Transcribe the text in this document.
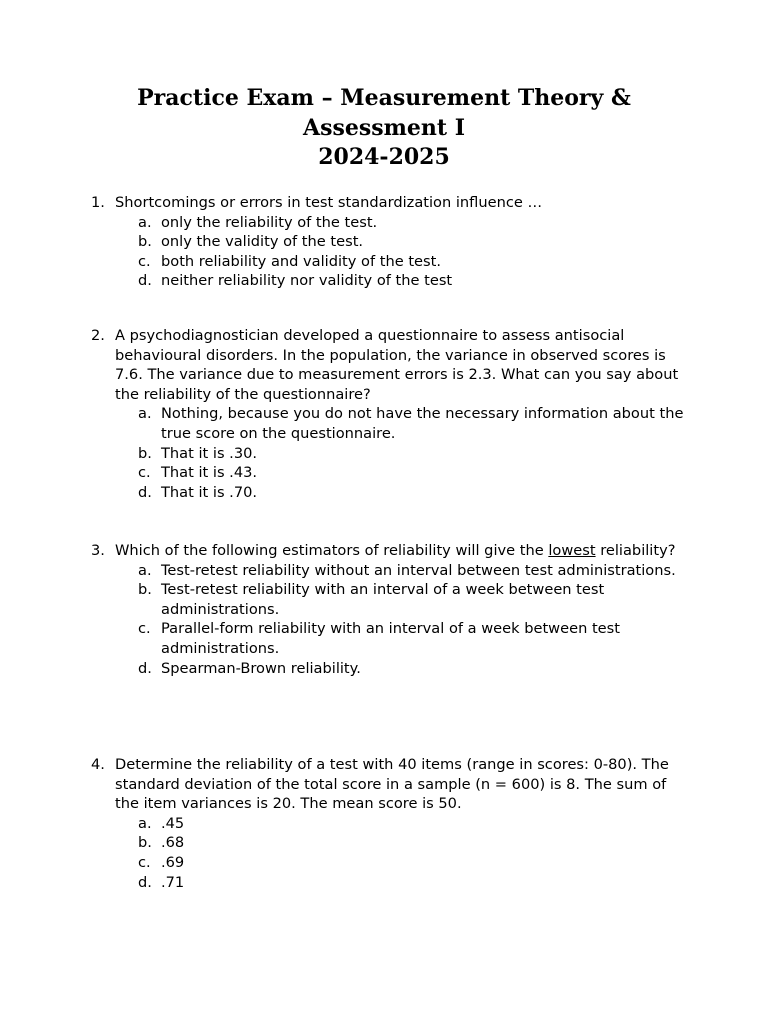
Practice Exam – Measurement Theory &
Assessment I
2024-2025
1. Shortcomings or errors in test standardization influence …
a. only the reliability of the test.
b. only the validity of the test.
c. both reliability and validity of the test.
d. neither reliability nor validity of the test
2. A psychodiagnostician developed a questionnaire to assess antisocial behavioural disorders. In the population, the variance in observed scores is 7.6. The variance due to measurement errors is 2.3. What can you say about the reliability of the questionnaire?
a. Nothing, because you do not have the necessary information about the true score on the questionnaire.
b. That it is .30.
c. That it is .43.
d. That it is .70.
3. Which of the following estimators of reliability will give the lowest reliability?
a. Test-retest reliability without an interval between test administrations.
b. Test-retest reliability with an interval of a week between test administrations.
c. Parallel-form reliability with an interval of a week between test administrations.
d. Spearman-Brown reliability.
4. Determine the reliability of a test with 40 items (range in scores: 0-80). The standard deviation of the total score in a sample (n = 600) is 8. The sum of the item variances is 20. The mean score is 50.
a. .45
b. .68
c. .69
d. .71
